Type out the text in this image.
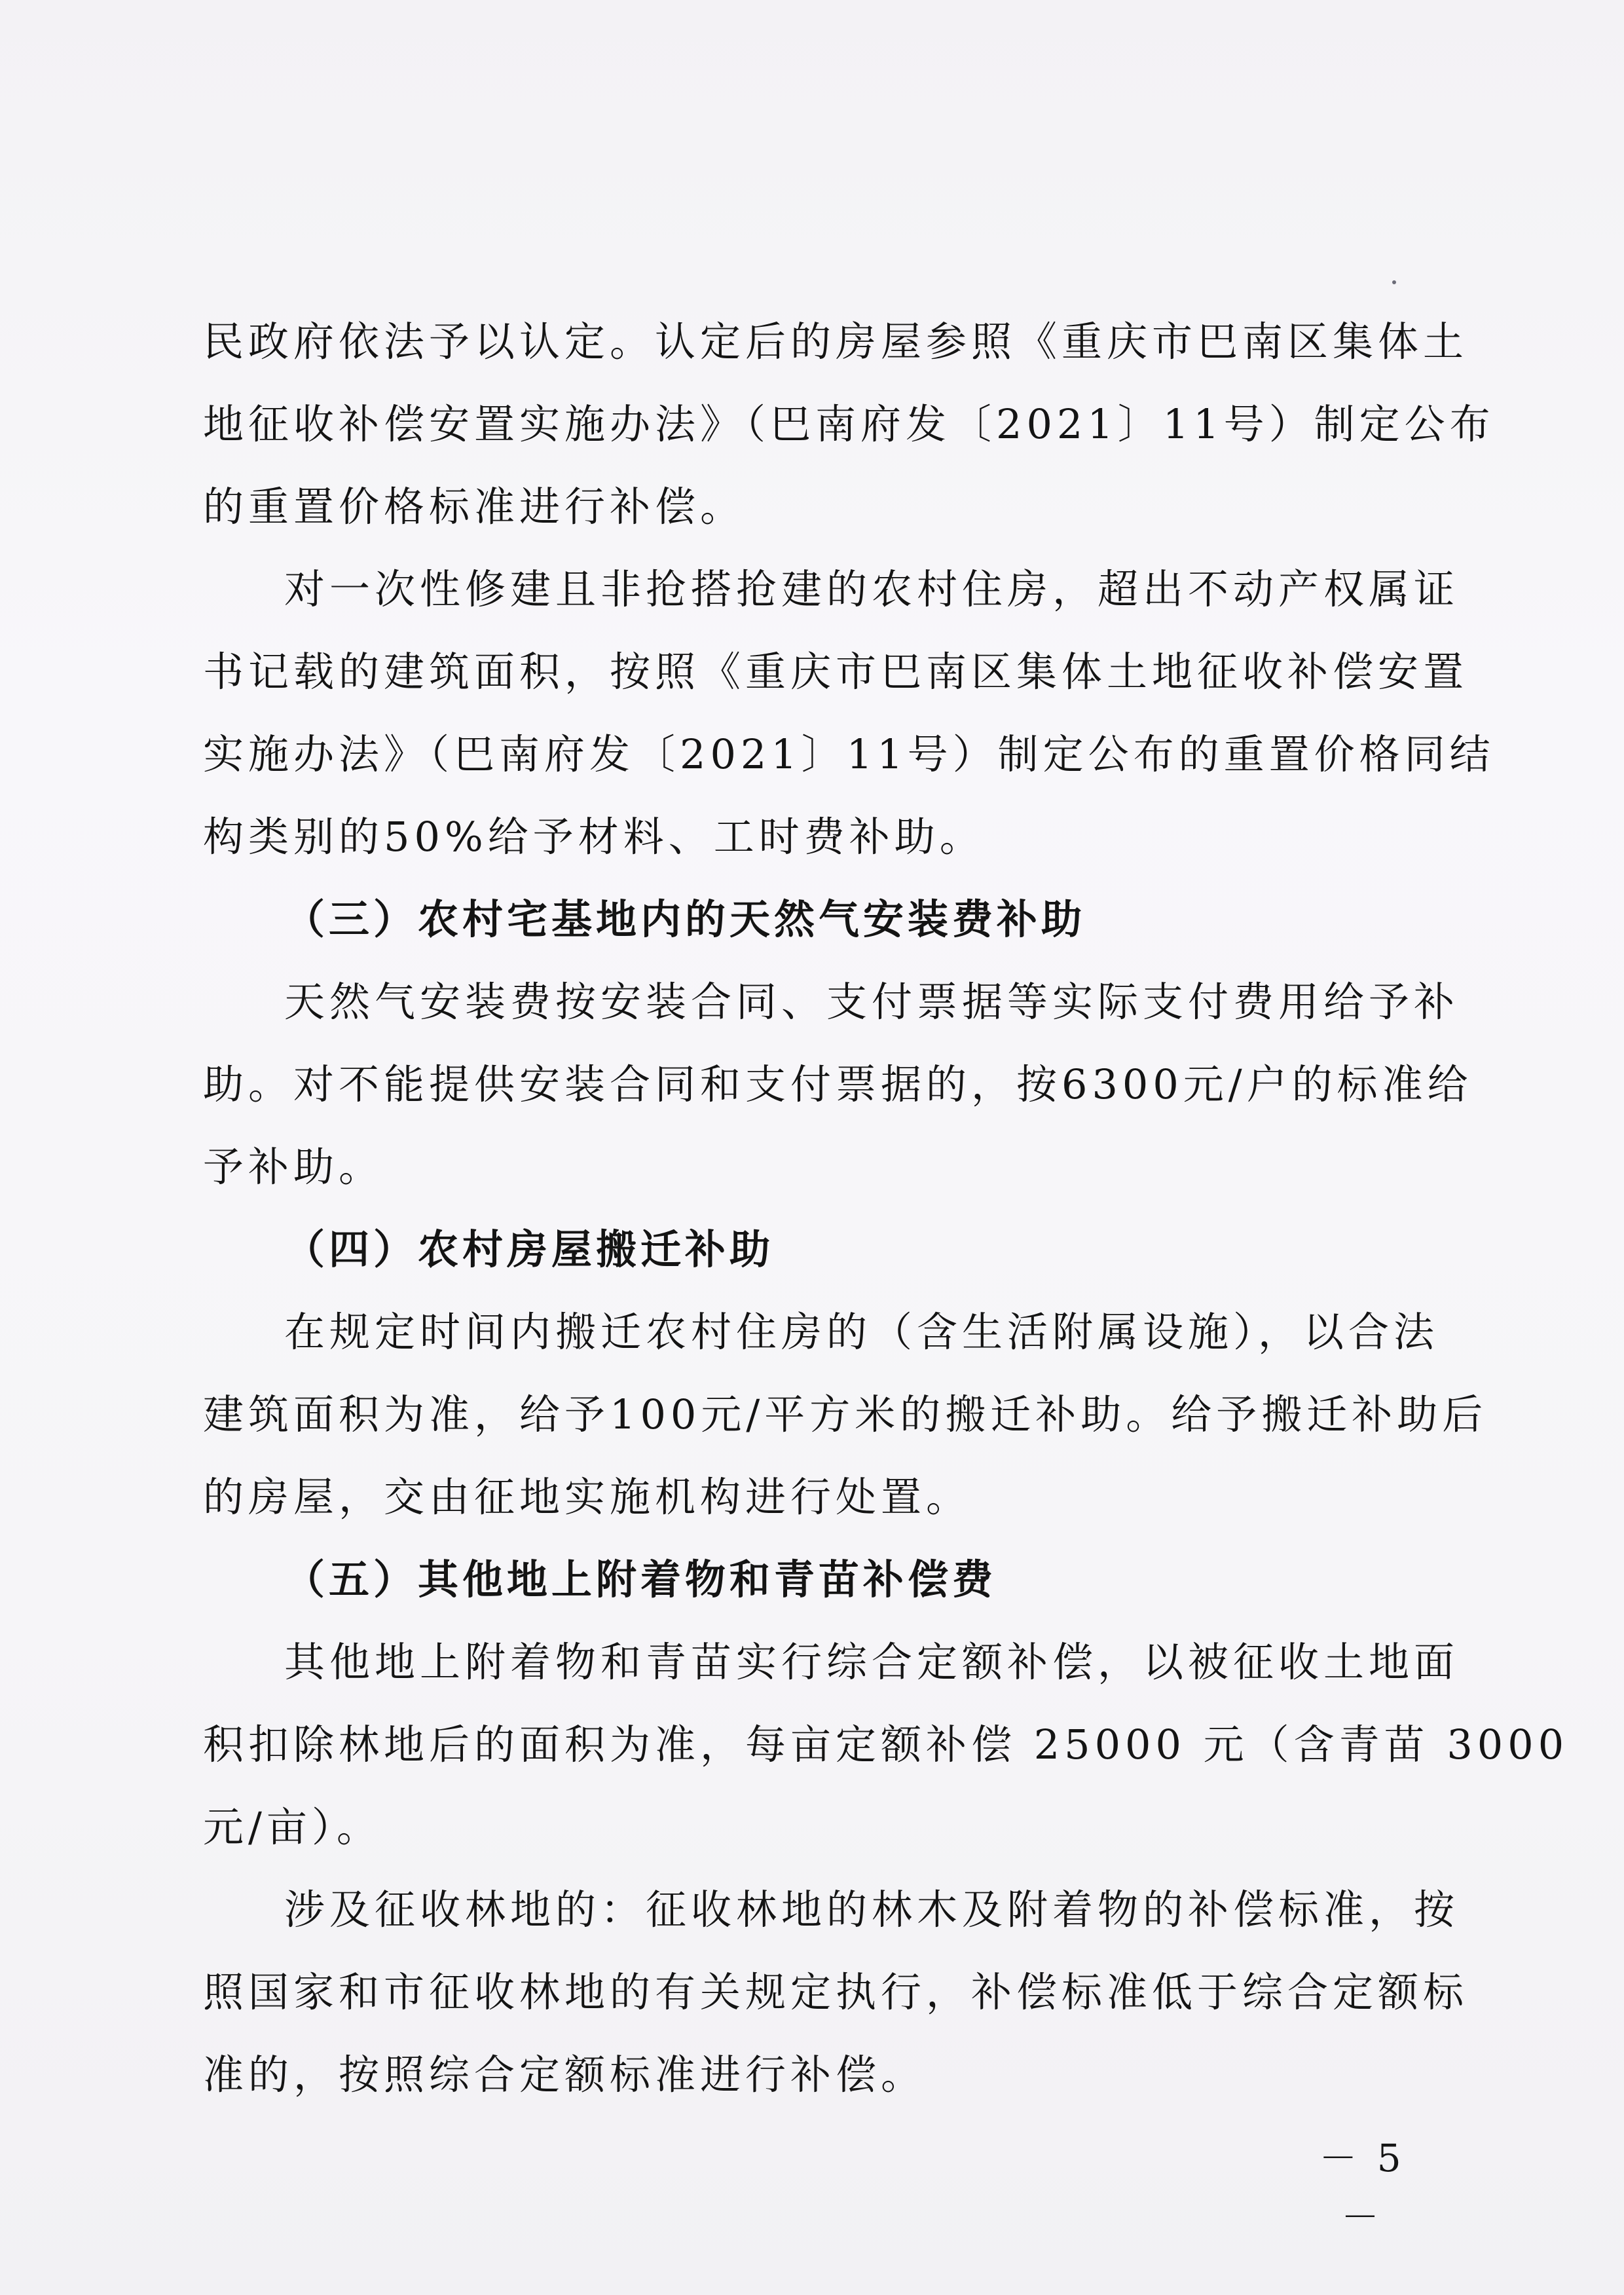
民政府依法予以认定。认定后的房屋参照《重庆市巴南区集体土
地征收补偿安置实施办法》（巴南府发〔2021〕11号）制定公布
的重置价格标准进行补偿。
对一次性修建且非抢搭抢建的农村住房，超出不动产权属证
书记载的建筑面积，按照《重庆市巴南区集体土地征收补偿安置
实施办法》（巴南府发〔2021〕11号）制定公布的重置价格同结
构类别的50%给予材料、工时费补助。
（三）农村宅基地内的天然气安装费补助
天然气安装费按安装合同、支付票据等实际支付费用给予补
助。对不能提供安装合同和支付票据的，按6300元/户的标准给
予补助。
（四）农村房屋搬迁补助
在规定时间内搬迁农村住房的（含生活附属设施），以合法
建筑面积为准，给予100元/平方米的搬迁补助。给予搬迁补助后
的房屋，交由征地实施机构进行处置。
（五）其他地上附着物和青苗补偿费
其他地上附着物和青苗实行综合定额补偿，以被征收土地面
积扣除林地后的面积为准，每亩定额补偿 25000 元（含青苗 3000
元/亩）。
涉及征收林地的：征收林地的林木及附着物的补偿标准，按
照国家和市征收林地的有关规定执行，补偿标准低于综合定额标
准的，按照综合定额标准进行补偿。
－ 5 －
